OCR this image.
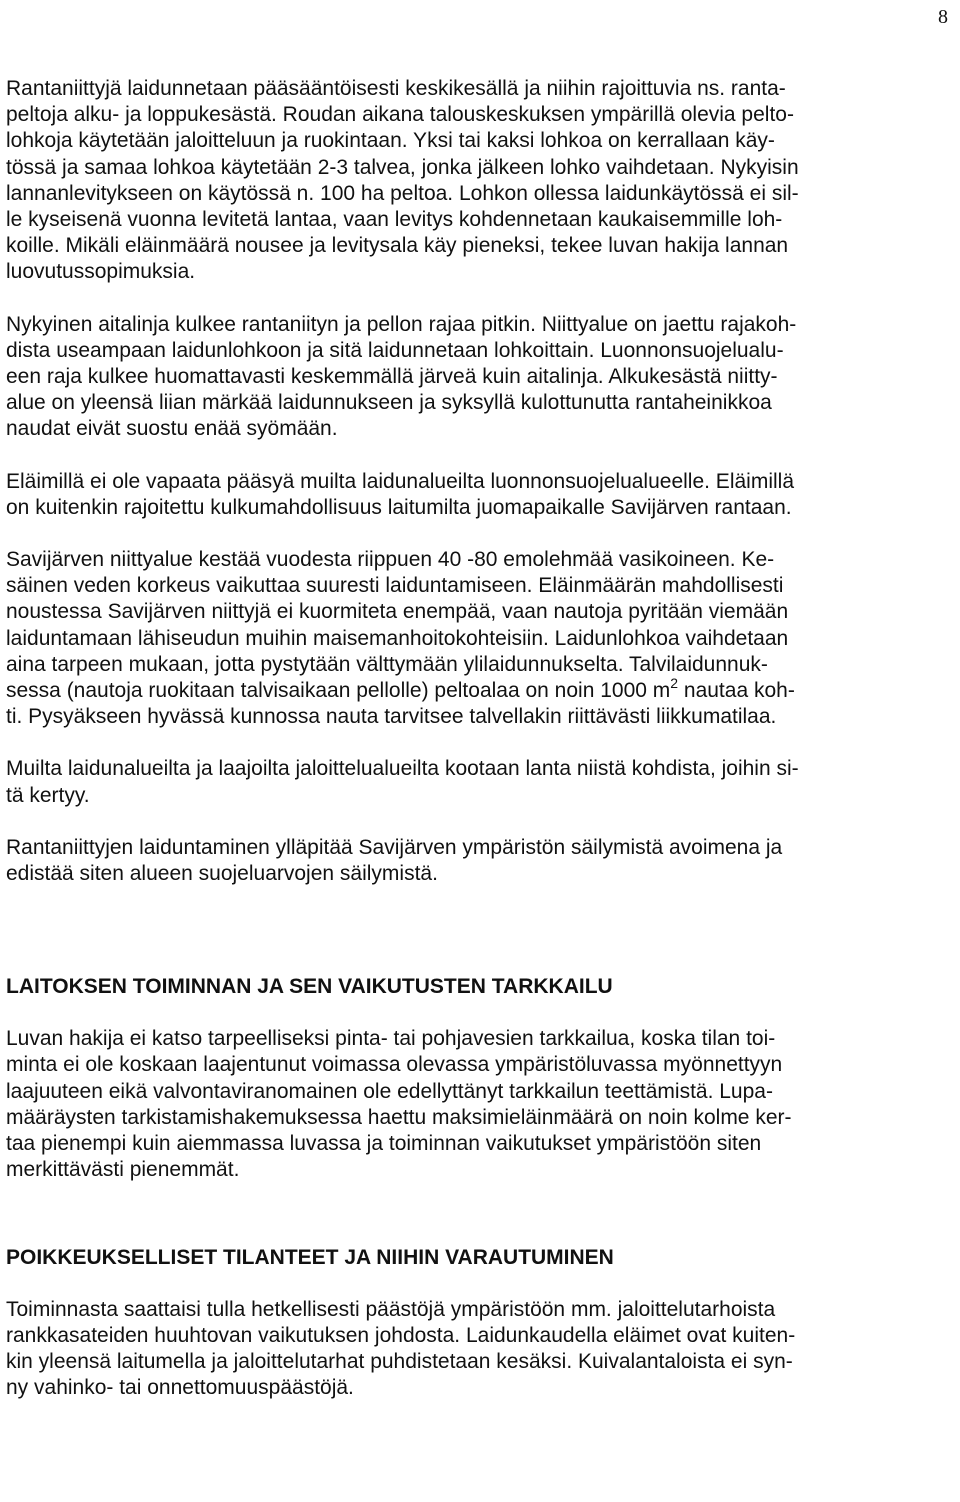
8

Rantaniittyjä laidunnetaan pääsääntöisesti keskikesällä ja niihin rajoittuvia ns. ranta-
peltoja alku- ja loppukesästä. Roudan aikana talouskeskuksen ympärillä olevia pelto-
lohkoja käytetään jaloitteluun ja ruokintaan. Yksi tai kaksi lohkoa on kerrallaan käy-
tössä ja samaa lohkoa käytetään 2-3 talvea, jonka jälkeen lohko vaihdetaan. Nykyisin
lannanlevitykseen on käytössä n. 100 ha peltoa. Lohkon ollessa laidunkäytössä ei sil-
le kyseisenä vuonna levitetä lantaa, vaan levitys kohdennetaan kaukaisemmille loh-
koille. Mikäli eläinmäärä nousee ja levitysala käy pieneksi, tekee luvan hakija lannan
luovutussopimuksia.

Nykyinen aitalinja kulkee rantaniityn ja pellon rajaa pitkin. Niittyalue on jaettu rajakoh-
dista useampaan laidunlohkoon ja sitä laidunnetaan lohkoittain. Luonnonsuojelualu-
een raja kulkee huomattavasti keskemmällä järveä kuin aitalinja. Alkukesästä niitty-
alue on yleensä liian märkää laidunnukseen ja syksyllä kulottunutta rantaheinikkoa
naudat eivät suostu enää syömään.

Eläimillä ei ole vapaata pääsyä muilta laidunalueilta luonnonsuojelualueelle. Eläimillä
on kuitenkin rajoitettu kulkumahdollisuus laitumilta juomapaikalle Savijärven rantaan.

Savijärven niittyalue kestää vuodesta riippuen 40 -80 emolehmää vasikoineen. Ke-
säinen veden korkeus vaikuttaa suuresti laiduntamiseen. Eläinmäärän mahdollisesti
noustessa Savijärven niittyjä ei kuormiteta enempää, vaan nautoja pyritään viemään
laiduntamaan lähiseudun muihin maisemanhoitokohteisiin. Laidunlohkoa vaihdetaan
aina tarpeen mukaan, jotta pystytään välttymään ylilaidunnukselta. Talvilaidunnuk-
sessa (nautoja ruokitaan talvisaikaan pellolle) peltoalaa on noin 1000 $m^2$ nautaa koh-
ti. Pysyäkseen hyvässä kunnossa nauta tarvitsee talvellakin riittävästi liikkumatilaa.

Muilta laidunalueilta ja laajoilta jaloittelualueilta kootaan lanta niistä kohdista, joihin si-
tä kertyy.

Rantaniittyjen laiduntaminen ylläpitää Savijärven ympäristön säilymistä avoimena ja
edistää siten alueen suojeluarvojen säilymistä.

LAITOKSEN TOIMINNAN JA SEN VAIKUTUSTEN TARKKAILU

Luvan hakija ei katso tarpeelliseksi pinta- tai pohjavesien tarkkailua, koska tilan toi-
minta ei ole koskaan laajentunut voimassa olevassa ympäristöluvassa myönnettyyn
laajuuteen eikä valvontaviranomainen ole edellyttänyt tarkkailun teettämistä. Lupa-
määräysten tarkistamishakemuksessa haettu maksimieläinmäärä on noin kolme ker-
taa pienempi kuin aiemmassa luvassa ja toiminnan vaikutukset ympäristöön siten
merkittävästi pienemmät.

POIKKEUKSELLISET TILANTEET JA NIIHIN VARAUTUMINEN

Toiminnasta saattaisi tulla hetkellisesti päästöjä ympäristöön mm. jaloittelutarhoista
rankkasateiden huuhtovan vaikutuksen johdosta. Laidunkaudella eläimet ovat kuiten-
kin yleensä laitumella ja jaloittelutarhat puhdistetaan kesäksi. Kuivalantaloista ei syn-
ny vahinko- tai onnettomuuspäästöjä.
